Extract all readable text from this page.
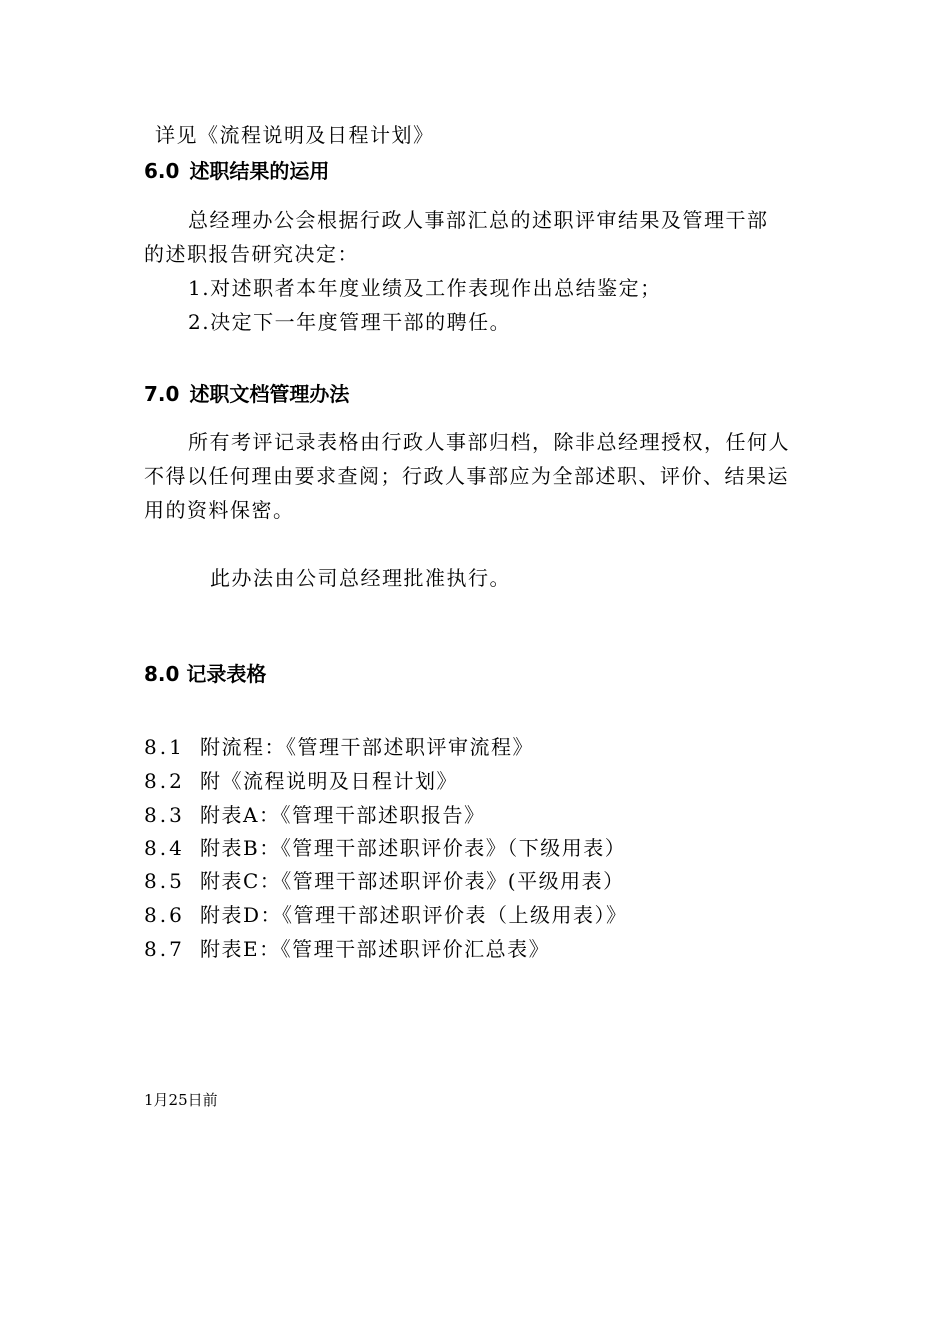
详见《流程说明及日程计划》
6.0 述职结果的运用
总经理办公会根据行政人事部汇总的述职评审结果及管理干部
的述职报告研究决定：
1.对述职者本年度业绩及工作表现作出总结鉴定；
2.决定下一年度管理干部的聘任。
7.0 述职文档管理办法
所有考评记录表格由行政人事部归档，除非总经理授权，任何人
不得以任何理由要求查阅；行政人事部应为全部述职、评价、结果运
用的资料保密。
此办法由公司总经理批准执行。
8.0 记录表格
8.1 附流程：《管理干部述职评审流程》
8.2 附《流程说明及日程计划》
8.3 附表A：《管理干部述职报告》
8.4 附表B：《管理干部述职评价表》（下级用表）
8.5 附表C：《管理干部述职评价表》(平级用表）
8.6 附表D：《管理干部述职评价表（上级用表）》
8.7 附表E：《管理干部述职评价汇总表》
1月25日前
